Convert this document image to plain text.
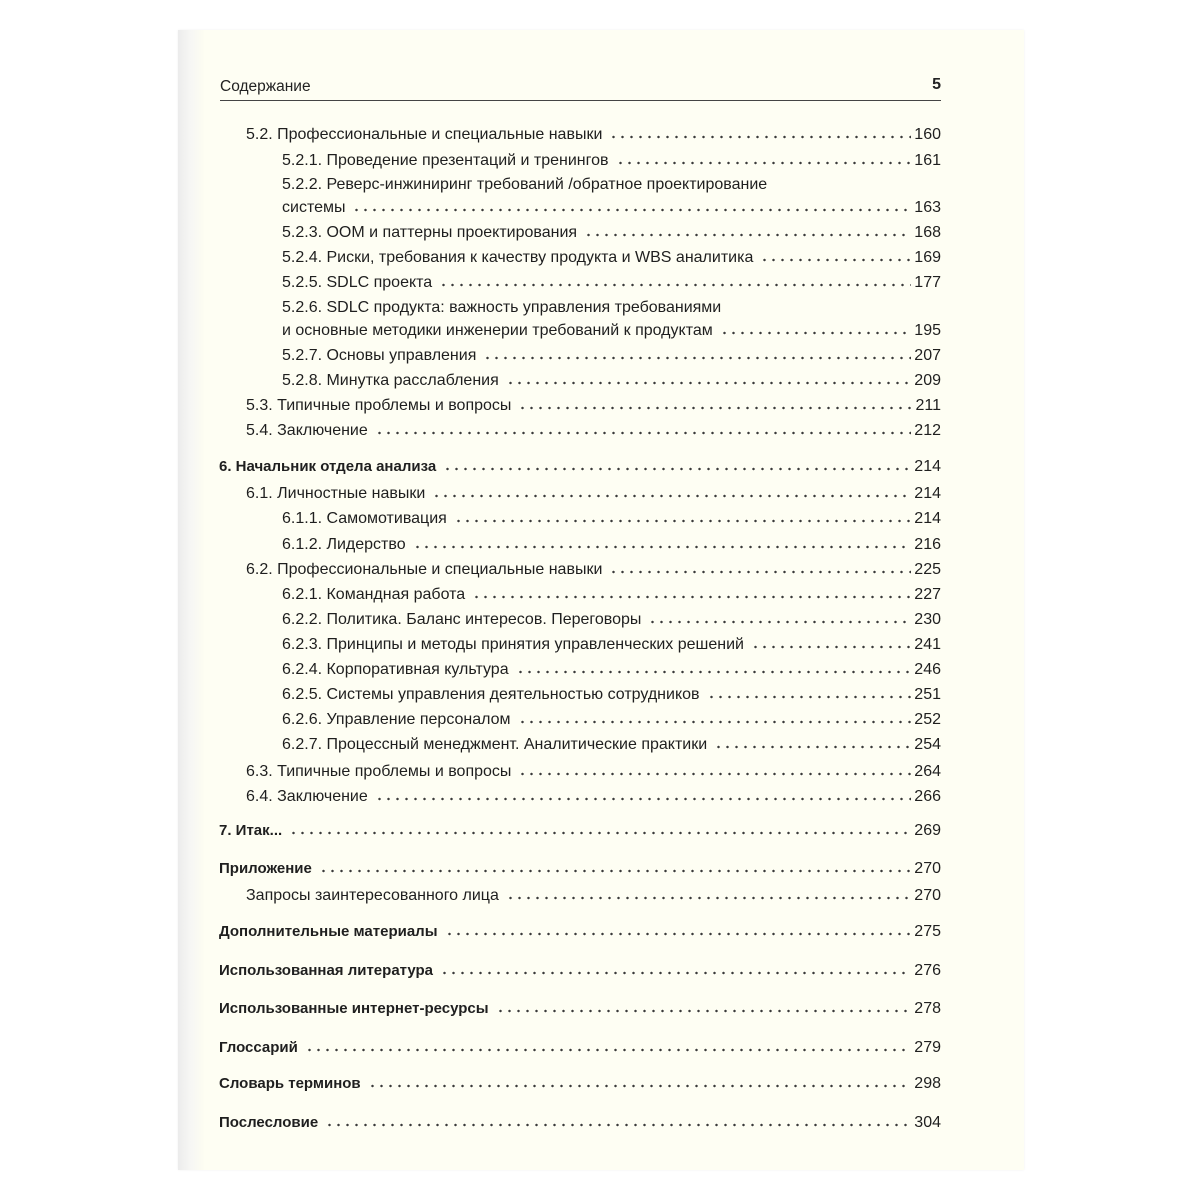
Содержание	5
5.2. Профессиональные и специальные навыки	160
5.2.1. Проведение презентаций и тренингов	161
5.2.2. Реверс-инжиниринг требований /обратное проектирование
системы	163
5.2.3. ООМ и паттерны проектирования	168
5.2.4. Риски, требования к качеству продукта и WBS аналитика	169
5.2.5. SDLC проекта	177
5.2.6. SDLC продукта: важность управления требованиями
и основные методики инженерии требований к продуктам	195
5.2.7. Основы управления	207
5.2.8. Минутка расслабления	209
5.3. Типичные проблемы и вопросы	211
5.4. Заключение	212
6. Начальник отдела анализа	214
6.1. Личностные навыки	214
6.1.1. Самомотивация	214
6.1.2. Лидерство	216
6.2. Профессиональные и специальные навыки	225
6.2.1. Командная работа	227
6.2.2. Политика. Баланс интересов. Переговоры	230
6.2.3. Принципы и методы принятия управленческих решений	241
6.2.4. Корпоративная культура	246
6.2.5. Системы управления деятельностью сотрудников	251
6.2.6. Управление персоналом	252
6.2.7. Процессный менеджмент. Аналитические практики	254
6.3. Типичные проблемы и вопросы	264
6.4. Заключение	266
7. Итак...	269
Приложение	270
Запросы заинтересованного лица	270
Дополнительные материалы	275
Использованная литература	276
Использованные интернет-ресурсы	278
Глоссарий	279
Словарь терминов	298
Послесловие	304
